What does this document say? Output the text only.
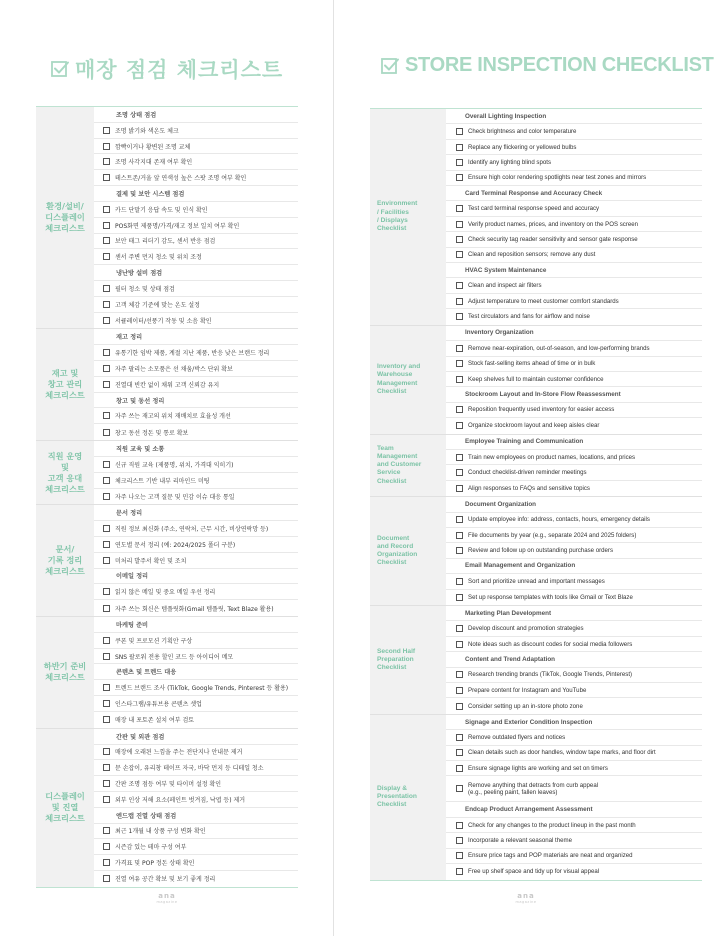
매장 점검 체크리스트
환경/설비/
디스플레이
체크리스트
조명 상태 점검
조명 밝기와 색온도 체크
깜빡이거나 황변된 조명 교체
조명 사각지대 존재 여부 확인
테스트존/거울 앞 연색성 높은 스팟 조명 여부 확인
결제 및 보안 시스템 점검
카드 단말기 응답 속도 및 인식 확인
POS화면 제품명/가격/재고 정보 일치 여부 확인
보안 태그 리더기 감도, 센서 반응 점검
센서 주변 먼지 청소 및 위치 조정
냉난방 설비 점검
필터 청소 및 상태 점검
고객 체감 기준에 맞는 온도 설정
서큘레이터/선풍기 작동 및 소음 확인
재고 및
창고 관리
체크리스트
재고 정리
유통기한 임박 제품, 계절 지난 제품, 반응 낮은 브랜드 정리
자주 팔리는 소모품은 선 채움/박스 단위 확보
진열대 빈칸 없이 채워 고객 신뢰감 유지
창고 및 동선 정리
자주 쓰는 재고의 위치 재배치로 효율성 개선
창고 동선 정돈 및 통로 확보
직원 운영
및
고객 응대
체크리스트
직원 교육 및 소통
신규 직원 교육 (제품명, 위치, 가격대 익히기)
체크리스트 기반 내부 리마인드 미팅
자주 나오는 고객 질문 및 민감 이슈 대응 통일
문서/
기록 정리
체크리스트
문서 정리
직원 정보 최신화 (주소, 연락처, 근무 시간, 비상연락망 등)
연도별 문서 정리 (예: 2024/2025 폴더 구분)
미처리 발주서 확인 및 조치
이메일 정리
읽지 않은 메일 및 중요 메일 우선 정리
자주 쓰는 회신은 템플릿화(Gmail 템플릿, Text Blaze 활용)
하반기 준비
체크리스트
마케팅 준비
쿠폰 및 프로모션 기획안 구상
SNS 팔로워 전용 할인 코드 등 아이디어 메모
콘텐츠 및 트렌드 대응
트렌드 브랜드 조사 (TikTok, Google Trends, Pinterest 등 활용)
인스타그램/유튜브용 콘텐츠 셋업
매장 내 포토존 설치 여부 검토
디스플레이
및 진열
체크리스트
간판 및 외관 점검
매장에 오래된 느낌을 주는 전단지나 안내문 제거
문 손잡이, 유리창 테이프 자국, 바닥 먼지 등 디테일 청소
간판 조명 점등 여부 및 타이머 설정 확인
외부 인상 저해 요소(페인트 벗겨짐, 낙엽 등) 제거
엔드캡 진열 상태 점검
최근 1개월 내 상품 구성 변화 확인
시즌감 있는 테마 구성 여부
가격표 및 POP 정돈 상태 확인
진열 여유 공간 확보 및 보기 좋게 정리
ana
magazine
STORE INSPECTION CHECKLIST
Environment
/ Facilities
/ Displays
Checklist
Overall Lighting Inspection
Check brightness and color temperature
Replace any flickering or yellowed bulbs
Identify any lighting blind spots
Ensure high color rendering spotlights near test zones and mirrors
Card Terminal Response and Accuracy Check
Test card terminal response speed and accuracy
Verify product names, prices, and inventory on the POS screen
Check security tag reader sensitivity and sensor gate response
Clean and reposition sensors; remove any dust
HVAC System Maintenance
Clean and inspect air filters
Adjust temperature to meet customer comfort standards
Test circulators and fans for airflow and noise
Inventory and
Warehouse
Management
Checklist
Inventory Organization
Remove near-expiration, out-of-season, and low-performing brands
Stock fast-selling items ahead of time or in bulk
Keep shelves full to maintain customer confidence
Stockroom Layout and In-Store Flow Reassessment
Reposition frequently used inventory for easier access
Organize stockroom layout and keep aisles clear
Team
Management
and Customer
Service
Checklist
Employee Training and Communication
Train new employees on product names, locations, and prices
Conduct checklist-driven reminder meetings
Align responses to FAQs and sensitive topics
Document
and Record
Organization
Checklist
Document Organization
Update employee info: address, contacts, hours, emergency details
File documents by year (e.g., separate 2024 and 2025 folders)
Review and follow up on outstanding purchase orders
Email Management and Organization
Sort and prioritize unread and important messages
Set up response templates with tools like Gmail or Text Blaze
Second Half
Preparation
Checklist
Marketing Plan Development
Develop discount and promotion strategies
Note ideas such as discount codes for social media followers
Content and Trend Adaptation
Research trending brands (TikTok, Google Trends, Pinterest)
Prepare content for Instagram and YouTube
Consider setting up an in-store photo zone
Display &
Presentation
Checklist
Signage and Exterior Condition Inspection
Remove outdated flyers and notices
Clean details such as door handles, window tape marks, and floor dirt
Ensure signage lights are working and set on timers
Remove anything that detracts from curb appeal
(e.g., peeling paint, fallen leaves)
Endcap Product Arrangement Assessment
Check for any changes to the product lineup in the past month
Incorporate a relevant seasonal theme
Ensure price tags and POP materials are neat and organized
Free up shelf space and tidy up for visual appeal
ana
magazine
